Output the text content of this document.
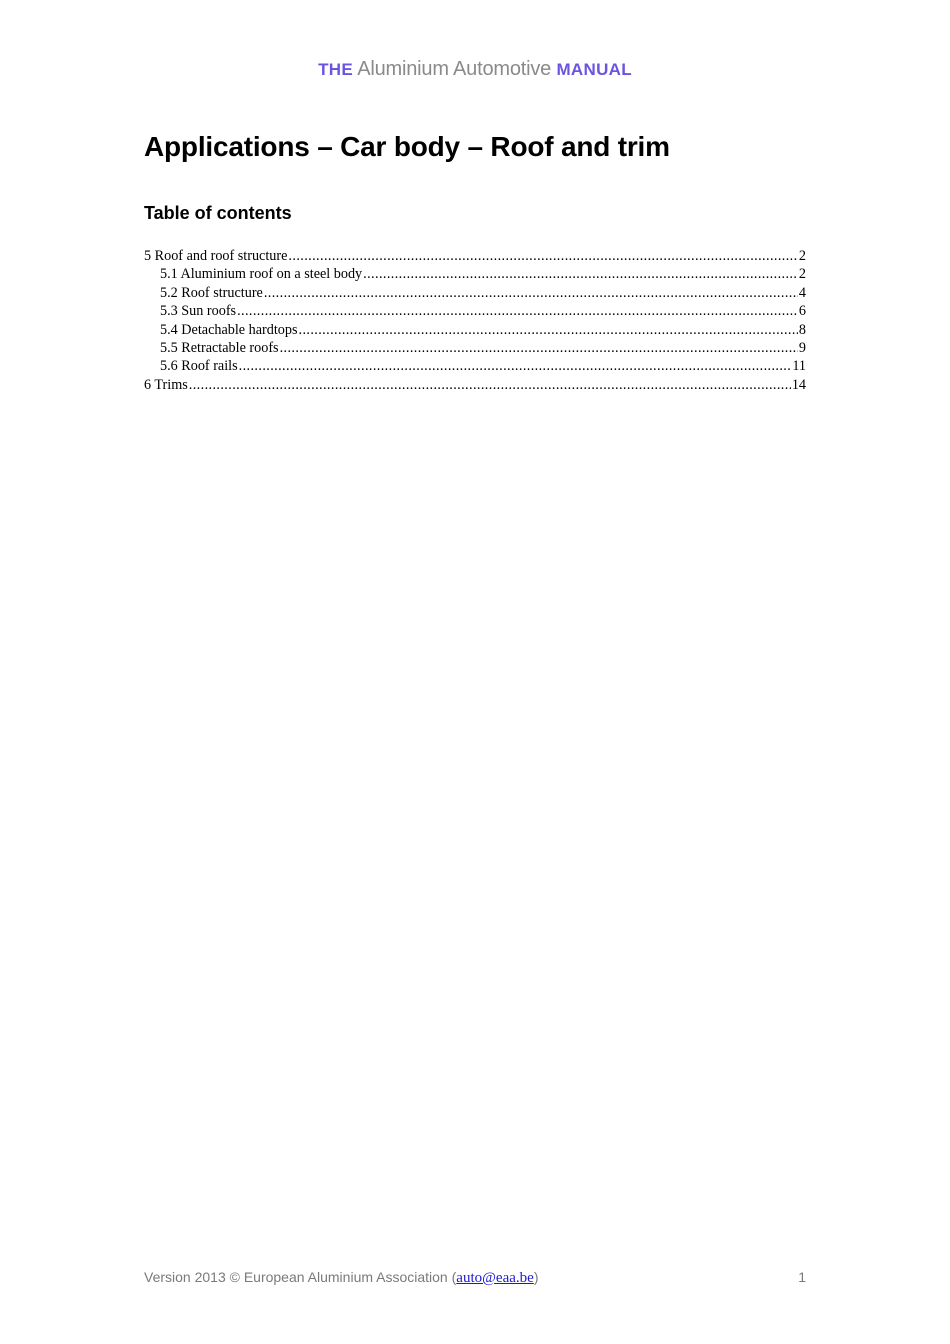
THE Aluminium Automotive MANUAL
Applications – Car body – Roof and trim
Table of contents
5 Roof and roof structure .....	2
5.1 Aluminium roof on a steel body .....	2
5.2 Roof structure .....	4
5.3 Sun roofs .....	6
5.4 Detachable hardtops .....	8
5.5 Retractable roofs .....	9
5.6 Roof rails .....	11
6 Trims .....	14
Version 2013 © European Aluminium Association (auto@eaa.be)	1
